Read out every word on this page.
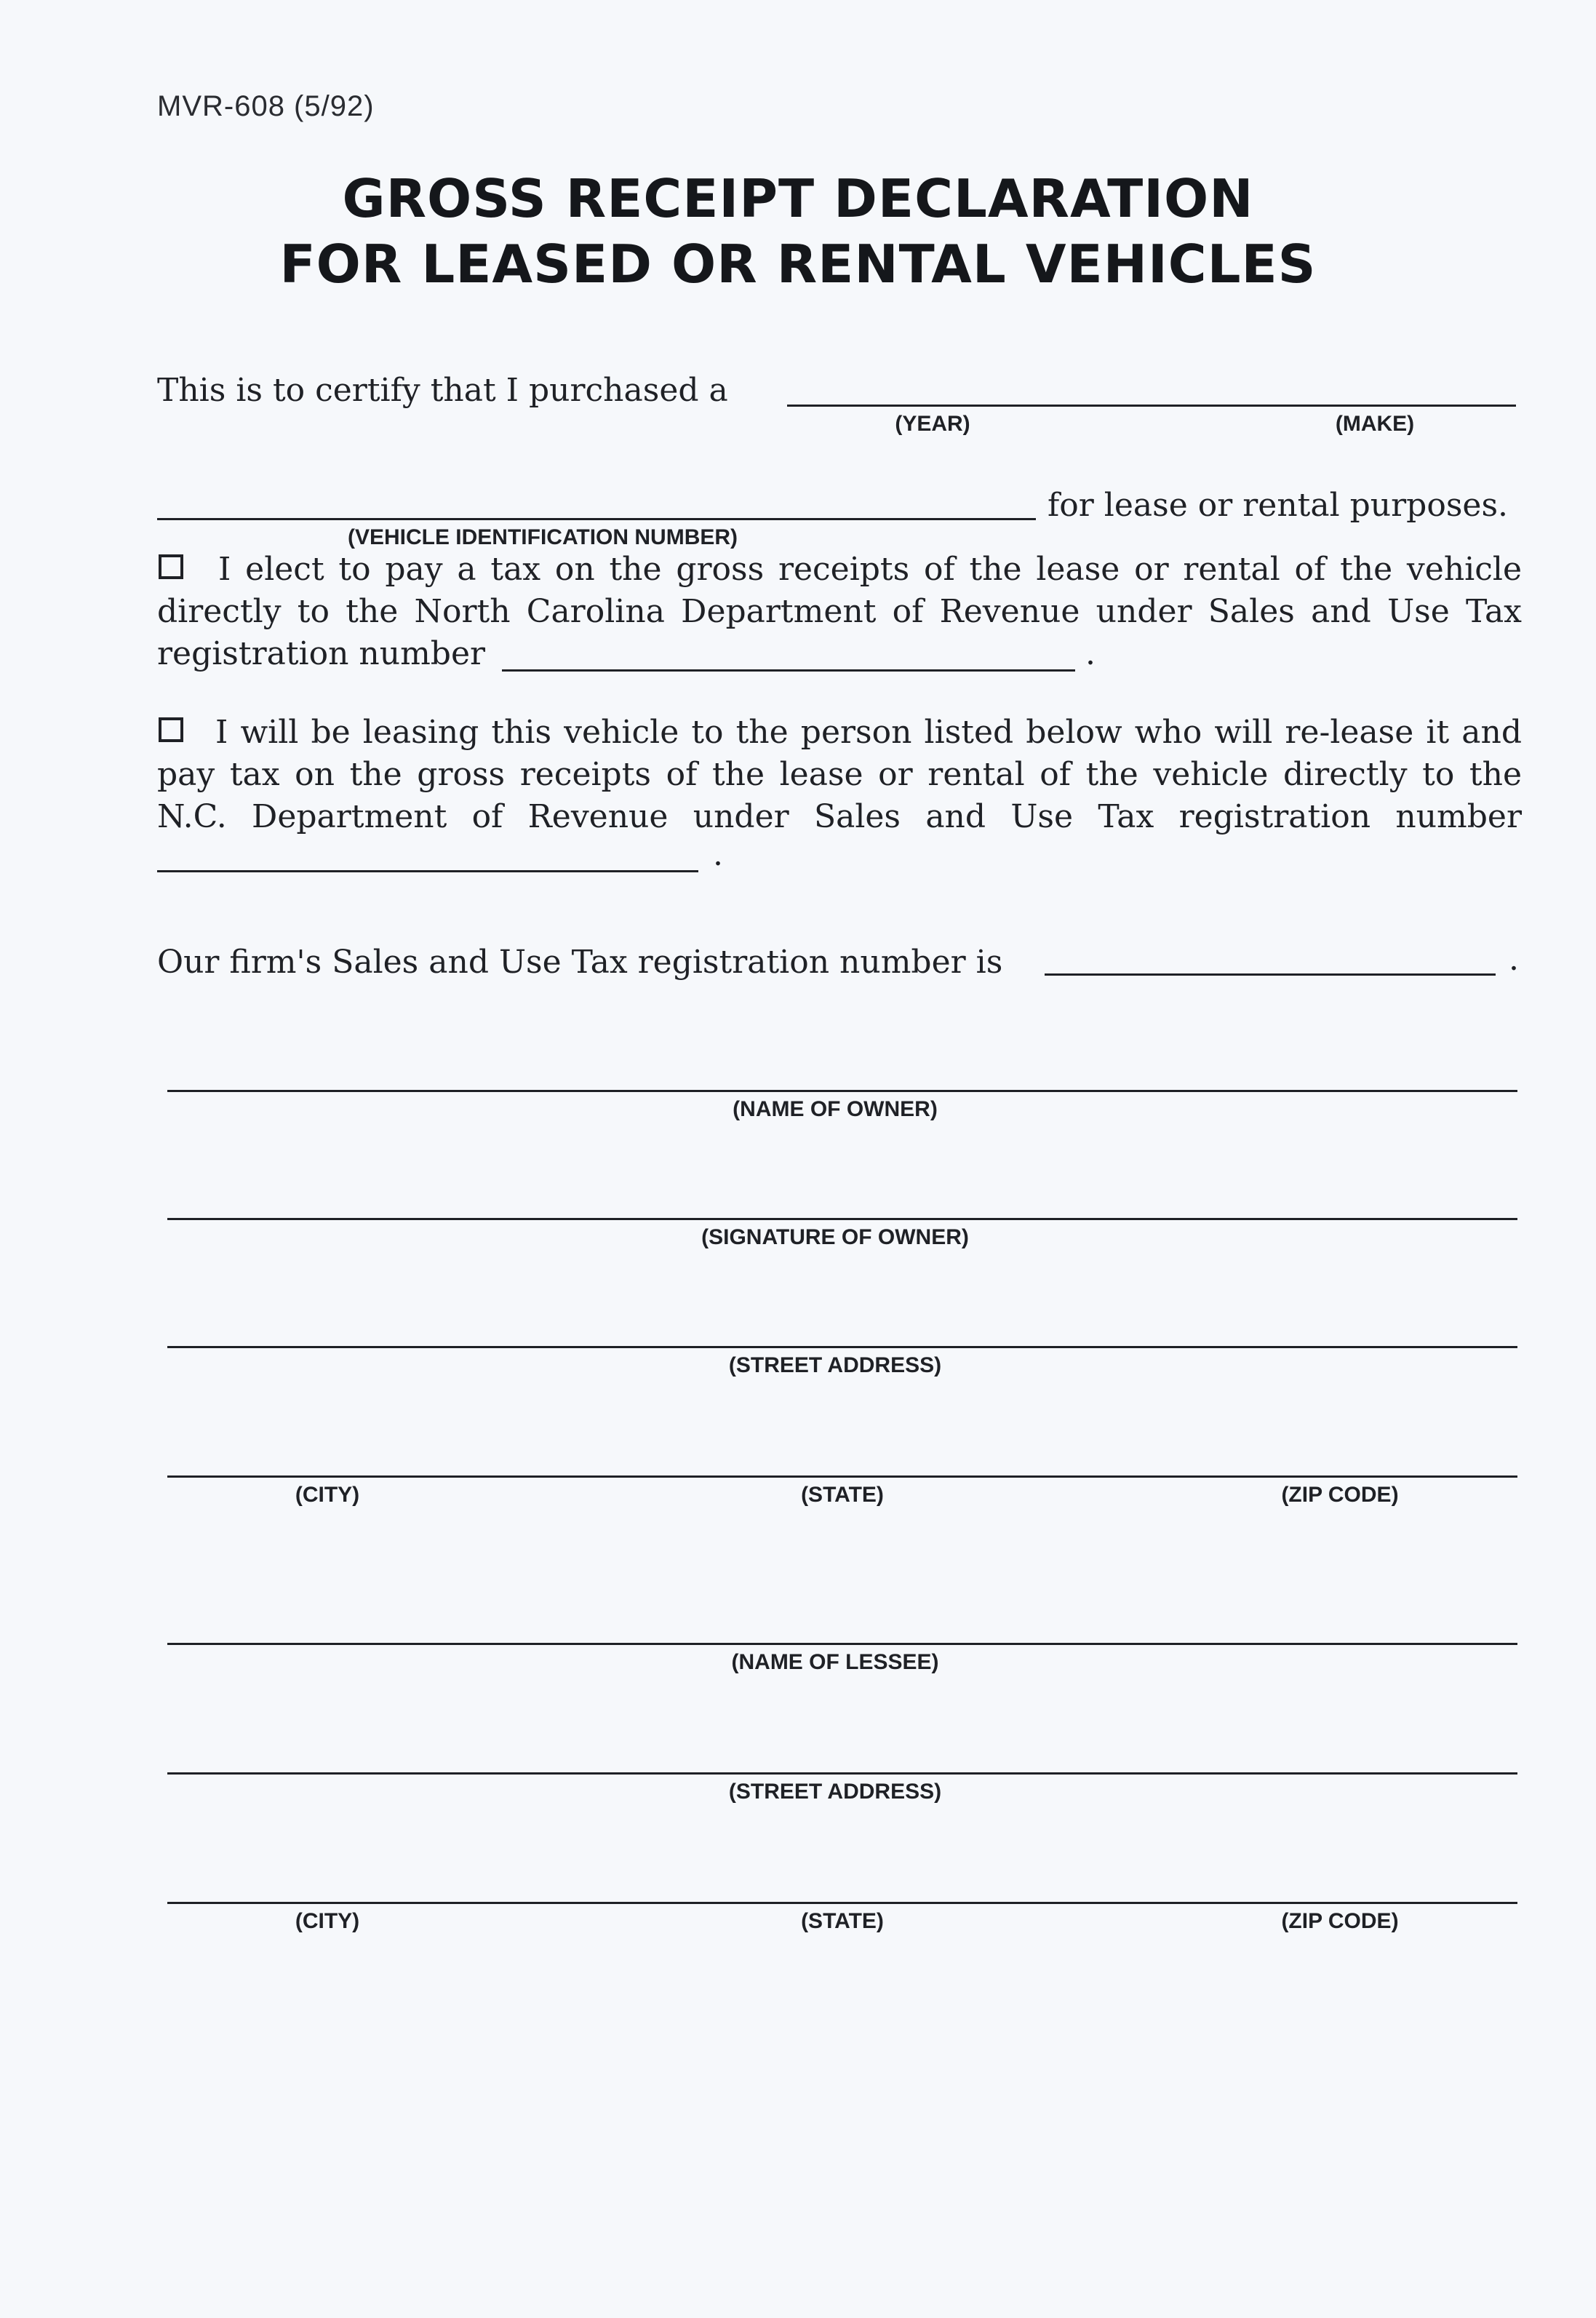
MVR-608 (5/92)
GROSS RECEIPT DECLARATION
FOR LEASED OR RENTAL VEHICLES
This is to certify that I purchased a
(YEAR)	(MAKE)
for lease or rental purposes.
(VEHICLE IDENTIFICATION NUMBER)
I elect to pay a tax on the gross receipts of the lease or rental of the vehicle
directly to the North Carolina Department of Revenue under Sales and Use Tax
registration number	.
I will be leasing this vehicle to the person listed below who will re-lease it and
pay tax on the gross receipts of the lease or rental of the vehicle directly to the
N.C. Department of Revenue under Sales and Use Tax registration number
.
Our firm's Sales and Use Tax registration number is	.
(NAME OF OWNER)
(SIGNATURE OF OWNER)
(STREET ADDRESS)
(CITY)	(STATE)	(ZIP CODE)
(NAME OF LESSEE)
(STREET ADDRESS)
(CITY)	(STATE)	(ZIP CODE)
